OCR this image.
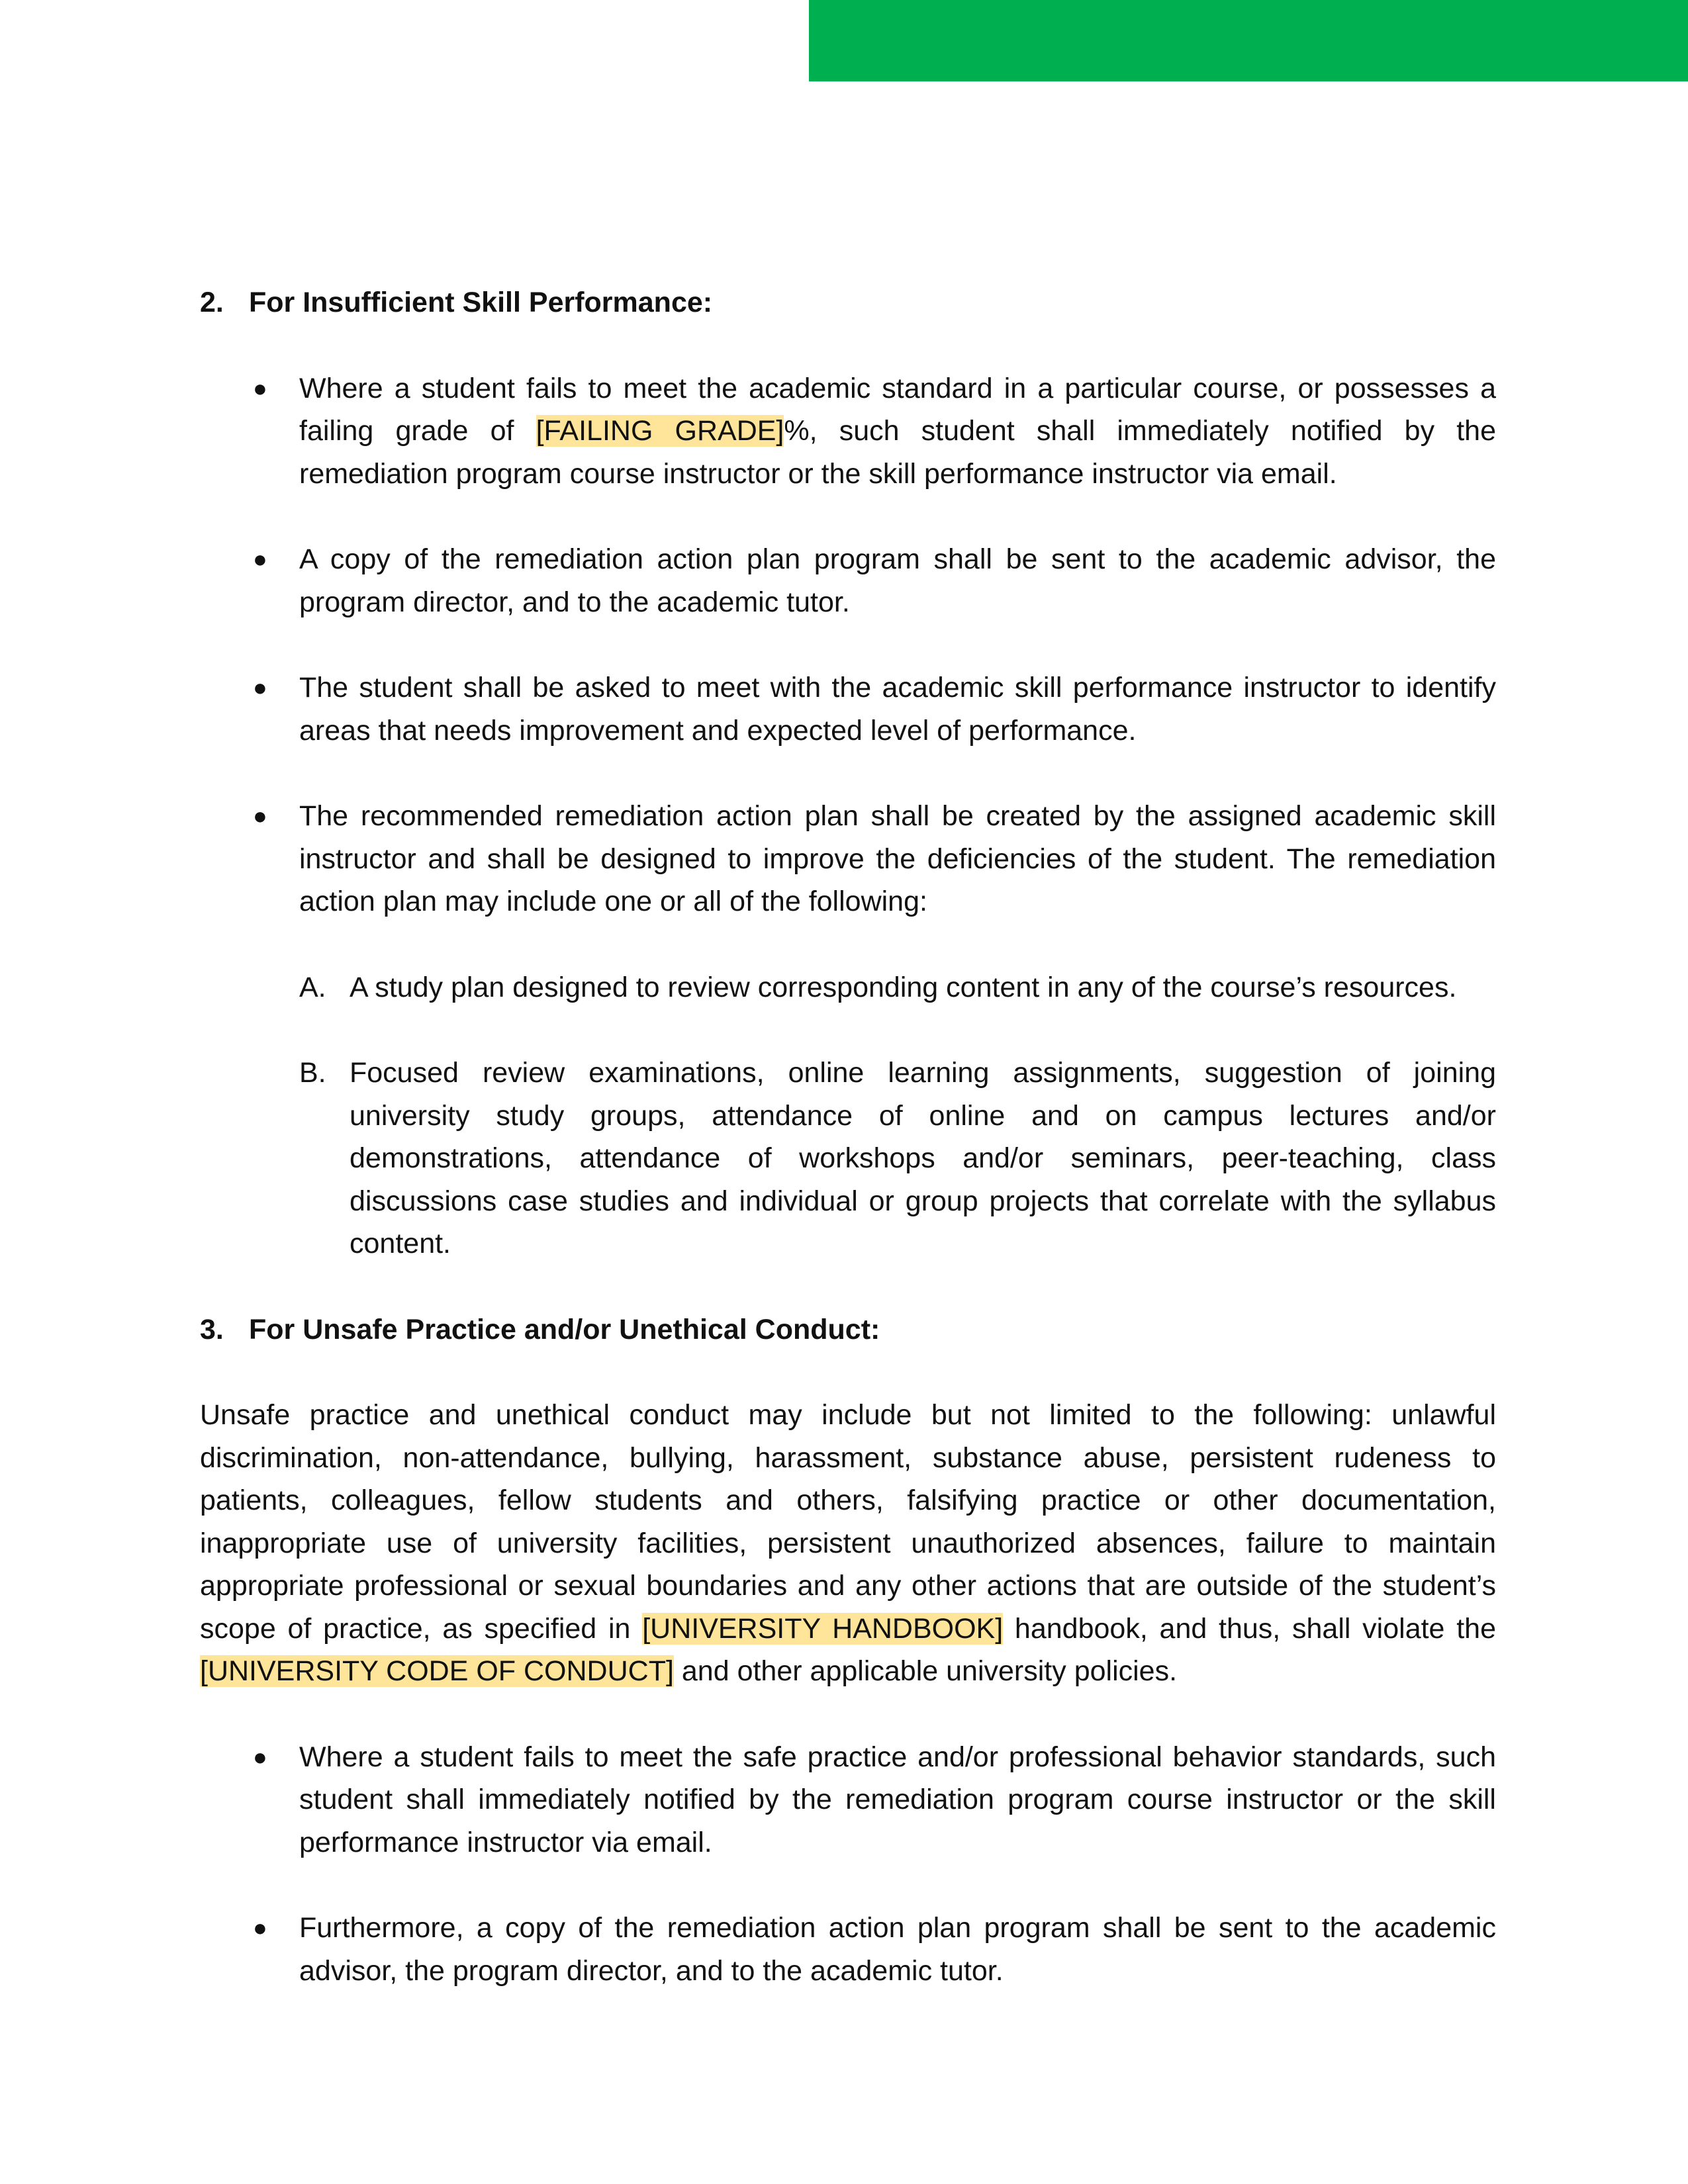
2. For Insufficient Skill Performance:
● Where a student fails to meet the academic standard in a particular course, or possesses a failing grade of [FAILING GRADE]%, such student shall immediately notified by the remediation program course instructor or the skill performance instructor via email.
● A copy of the remediation action plan program shall be sent to the academic advisor, the program director, and to the academic tutor.
● The student shall be asked to meet with the academic skill performance instructor to identify areas that needs improvement and expected level of performance.
● The recommended remediation action plan shall be created by the assigned academic skill instructor and shall be designed to improve the deficiencies of the student. The remediation action plan may include one or all of the following:
A. A study plan designed to review corresponding content in any of the course’s resources.
B. Focused review examinations, online learning assignments, suggestion of joining university study groups, attendance of online and on campus lectures and/or demonstrations, attendance of workshops and/or seminars, peer-teaching, class discussions case studies and individual or group projects that correlate with the syllabus content.
3. For Unsafe Practice and/or Unethical Conduct:

Unsafe practice and unethical conduct may include but not limited to the following: unlawful discrimination, non-attendance, bullying, harassment, substance abuse, persistent rudeness to patients, colleagues, fellow students and others, falsifying practice or other documentation, inappropriate use of university facilities, persistent unauthorized absences, failure to maintain appropriate professional or sexual boundaries and any other actions that are outside of the student’s scope of practice, as specified in [UNIVERSITY HANDBOOK] handbook, and thus, shall violate the [UNIVERSITY CODE OF CONDUCT] and other applicable university policies.

● Where a student fails to meet the safe practice and/or professional behavior standards, such student shall immediately notified by the remediation program course instructor or the skill performance instructor via email.
● Furthermore, a copy of the remediation action plan program shall be sent to the academic advisor, the program director, and to the academic tutor.
